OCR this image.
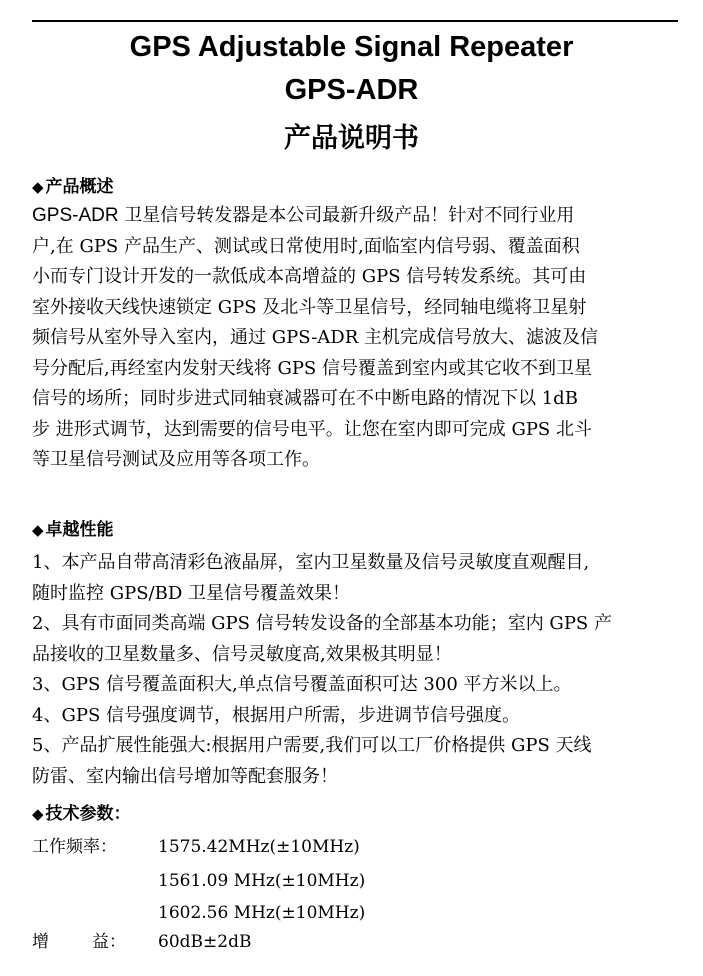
GPS Adjustable Signal Repeater
GPS-ADR
产品说明书
◆ 产品概述
GPS-ADR 卫星信号转发器是本公司最新升级产品！针对不同行业用
户,在 GPS 产品生产、测试或日常使用时,面临室内信号弱、覆盖面积
小而专门设计开发的一款低成本高增益的 GPS 信号转发系统。其可由
室外接收天线快速锁定 GPS 及北斗等卫星信号，经同轴电缆将卫星射
频信号从室外导入室内，通过 GPS-ADR 主机完成信号放大、滤波及信
号分配后,再经室内发射天线将 GPS 信号覆盖到室内或其它收不到卫星
信号的场所；同时步进式同轴衰减器可在不中断电路的情况下以 1dB
步 进形式调节，达到需要的信号电平。让您在室内即可完成 GPS 北斗
等卫星信号测试及应用等各项工作。
◆ 卓越性能
1、本产品自带高清彩色液晶屏，室内卫星数量及信号灵敏度直观醒目,
随时监控 GPS/BD 卫星信号覆盖效果！
2、具有市面同类高端 GPS 信号转发设备的全部基本功能；室内 GPS 产
品接收的卫星数量多、信号灵敏度高,效果极其明显！
3、GPS 信号覆盖面积大,单点信号覆盖面积可达 300 平方米以上。
4、GPS 信号强度调节，根据用户所需，步进调节信号强度。
5、产品扩展性能强大:根据用户需要,我们可以工厂价格提供 GPS 天线
防雷、室内输出信号增加等配套服务！
◆ 技术参数：
工作频率： 1575.42MHz(±10MHz)
1561.09 MHz(±10MHz)
1602.56 MHz(±10MHz)
增	益： 60dB±2dB
